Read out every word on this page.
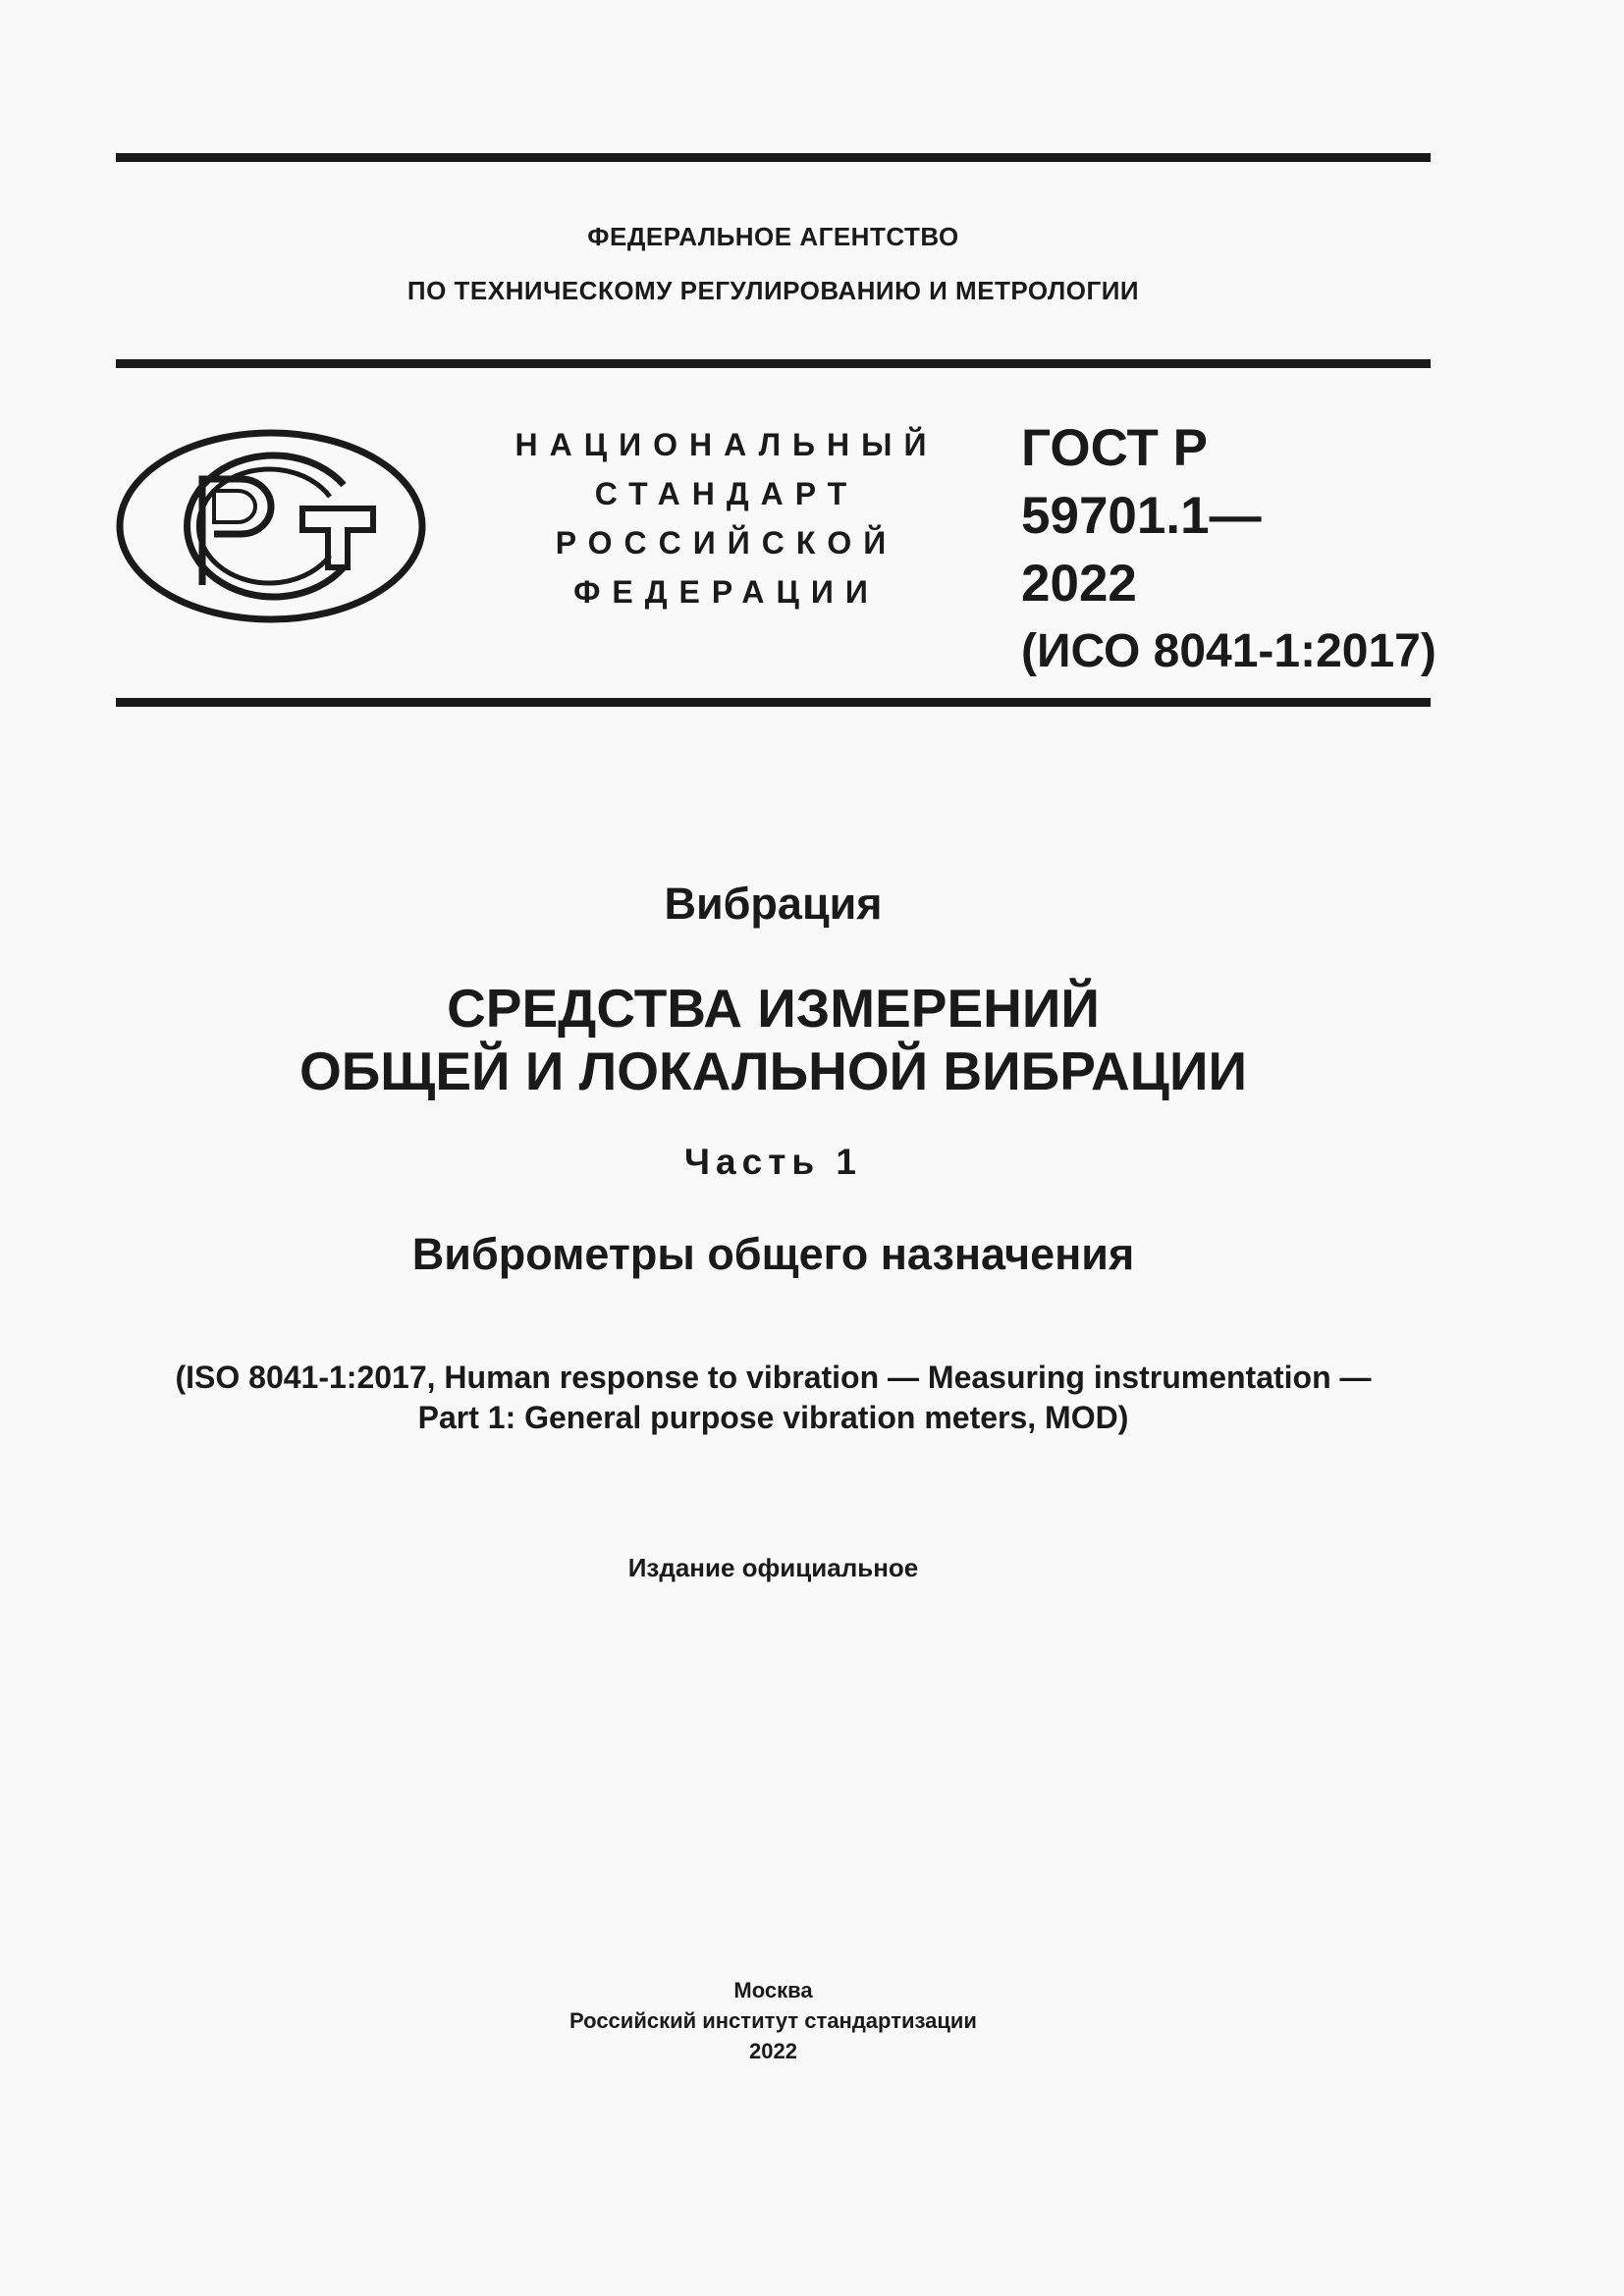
ФЕДЕРАЛЬНОЕ АГЕНТСТВО
ПО ТЕХНИЧЕСКОМУ РЕГУЛИРОВАНИЮ И МЕТРОЛОГИИ
НАЦИОНАЛЬНЫЙ
СТАНДАРТ
РОССИЙСКОЙ
ФЕДЕРАЦИИ
ГОСТ Р
59701.1—
2022
(ИСО 8041-1:2017)
Вибрация
СРЕДСТВА ИЗМЕРЕНИЙ
ОБЩЕЙ И ЛОКАЛЬНОЙ ВИБРАЦИИ
Часть 1
Виброметры общего назначения
(ISO 8041-1:2017, Human response to vibration — Measuring instrumentation —
Part 1: General purpose vibration meters, MOD)
Издание официальное
Москва
Российский институт стандартизации
2022
